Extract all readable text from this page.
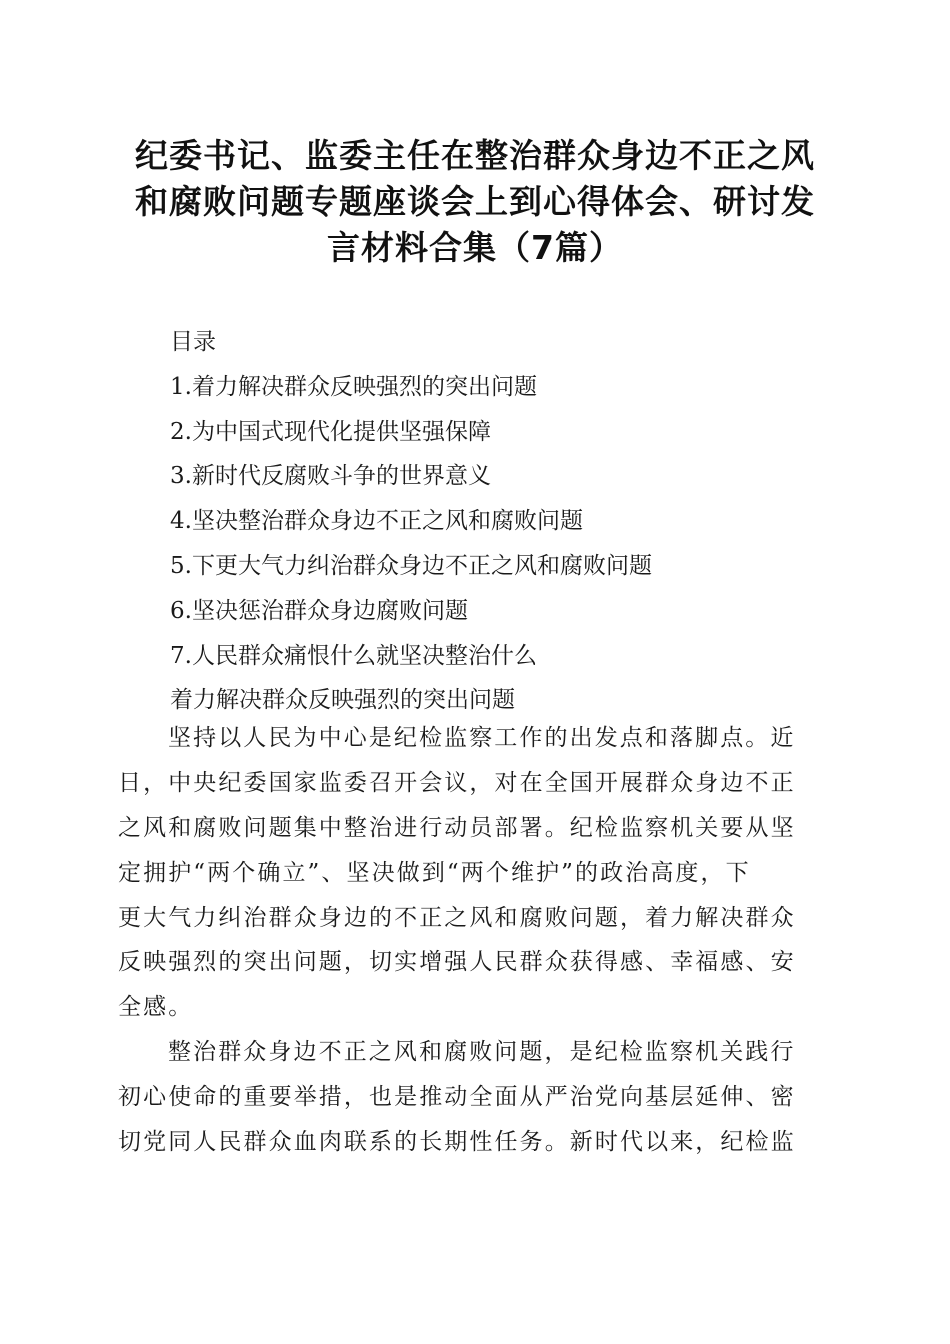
纪委书记、监委主任在整治群众身边不正之风
和腐败问题专题座谈会上到心得体会、研讨发
言材料合集（7篇）
目录
1.着力解决群众反映强烈的突出问题
2.为中国式现代化提供坚强保障
3.新时代反腐败斗争的世界意义
4.坚决整治群众身边不正之风和腐败问题
5.下更大气力纠治群众身边不正之风和腐败问题
6.坚决惩治群众身边腐败问题
7.人民群众痛恨什么就坚决整治什么
着力解决群众反映强烈的突出问题
坚持以人民为中心是纪检监察工作的出发点和落脚点。近
日，中央纪委国家监委召开会议，对在全国开展群众身边不正
之风和腐败问题集中整治进行动员部署。纪检监察机关要从坚
定拥护“两个确立”、坚决做到“两个维护”的政治高度，下
更大气力纠治群众身边的不正之风和腐败问题，着力解决群众
反映强烈的突出问题，切实增强人民群众获得感、幸福感、安
全感。
整治群众身边不正之风和腐败问题，是纪检监察机关践行
初心使命的重要举措，也是推动全面从严治党向基层延伸、密
切党同人民群众血肉联系的长期性任务。新时代以来，纪检监
